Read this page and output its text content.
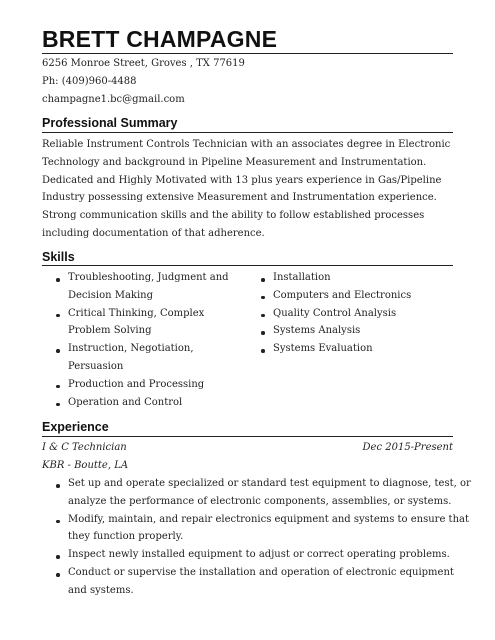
BRETT CHAMPAGNE
6256 Monroe Street, Groves , TX 77619
Ph: (409)960-4488
champagne1.bc@gmail.com
Professional Summary
Reliable Instrument Controls Technician with an associates degree in Electronic
Technology and background in Pipeline Measurement and Instrumentation.
Dedicated and Highly Motivated with 13 plus years experience in Gas/Pipeline
Industry possessing extensive Measurement and Instrumentation experience.
Strong communication skills and the ability to follow established processes
including documentation of that adherence.
Skills
Troubleshooting, Judgment and
Decision Making
Critical Thinking, Complex
Problem Solving
Instruction, Negotiation,
Persuasion
Production and Processing
Operation and Control
Installation
Computers and Electronics
Quality Control Analysis
Systems Analysis
Systems Evaluation
Experience
I & C Technician	Dec 2015-Present
KBR - Boutte, LA
Set up and operate specialized or standard test equipment to diagnose, test, or
analyze the performance of electronic components, assemblies, or systems.
Modify, maintain, and repair electronics equipment and systems to ensure that
they function properly.
Inspect newly installed equipment to adjust or correct operating problems.
Conduct or supervise the installation and operation of electronic equipment
and systems.
